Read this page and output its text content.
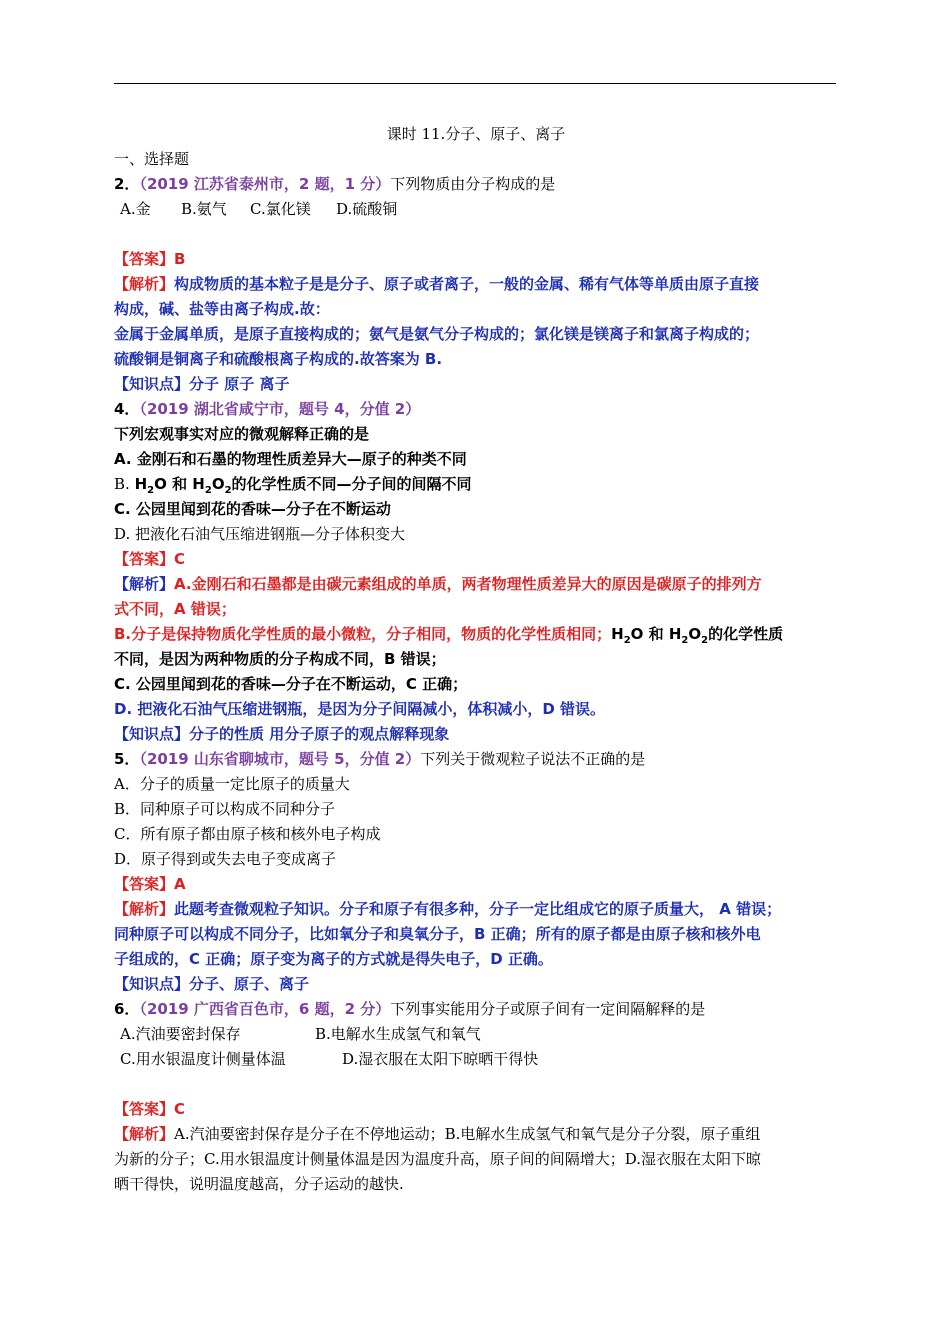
课时 11.分子、原子、离子
一、选择题
2．（2019 江苏省泰州市，2 题，1 分）下列物质由分子构成的是
A.金 B.氨气 C.氯化镁 D.硫酸铜
【答案】B
【解析】构成物质的基本粒子是是分子、原子或者离子，一般的金属、稀有气体等单质由原子直接
构成，碱、盐等由离子构成.故：
金属于金属单质，是原子直接构成的；氨气是氨气分子构成的；氯化镁是镁离子和氯离子构成的；
硫酸铜是铜离子和硫酸根离子构成的.故答案为 B.
【知识点】分子 原子 离子
4．（2019 湖北省咸宁市，题号 4，分值 2）
下列宏观事实对应的微观解释正确的是
A. 金刚石和石墨的物理性质差异大—原子的种类不同
B. $H_2O$ 和 $H_2O_2$的化学性质不同—分子间的间隔不同
C. 公园里闻到花的香味—分子在不断运动
D. 把液化石油气压缩进钢瓶—分子体积变大
【答案】C
【解析】A.金刚石和石墨都是由碳元素组成的单质，两者物理性质差异大的原因是碳原子的排列方
式不同，A 错误；
B.分子是保持物质化学性质的最小微粒，分子相同，物质的化学性质相同；$H_2O$ 和 $H_2O_2$的化学性质
不同，是因为两种物质的分子构成不同，B 错误；
C. 公园里闻到花的香味—分子在不断运动，C 正确；
D. 把液化石油气压缩进钢瓶，是因为分子间隔减小，体积减小，D 错误。
【知识点】分子的性质 用分子原子的观点解释现象
5．（2019 山东省聊城市，题号 5，分值 2）下列关于微观粒子说法不正确的是
A．分子的质量一定比原子的质量大
B．同种原子可以构成不同种分子
C．所有原子都由原子核和核外电子构成
D．原子得到或失去电子变成离子
【答案】A
【解析】此题考查微观粒子知识。分子和原子有很多种，分子一定比组成它的原子质量大， A 错误；
同种原子可以构成不同分子，比如氧分子和臭氧分子，B 正确；所有的原子都是由原子核和核外电
子组成的，C 正确；原子变为离子的方式就是得失电子，D 正确。
【知识点】分子、原子、离子
6．（2019 广西省百色市，6 题，2 分）下列事实能用分子或原子间有一定间隔解释的是
A.汽油要密封保存	B.电解水生成氢气和氧气
C.用水银温度计侧量体温	D.湿衣服在太阳下晾晒干得快
【答案】C
【解析】A.汽油要密封保存是分子在不停地运动；B.电解水生成氢气和氧气是分子分裂，原子重组
为新的分子；C.用水银温度计侧量体温是因为温度升高，原子间的间隔增大；D.湿衣服在太阳下晾
晒干得快，说明温度越高，分子运动的越快.
